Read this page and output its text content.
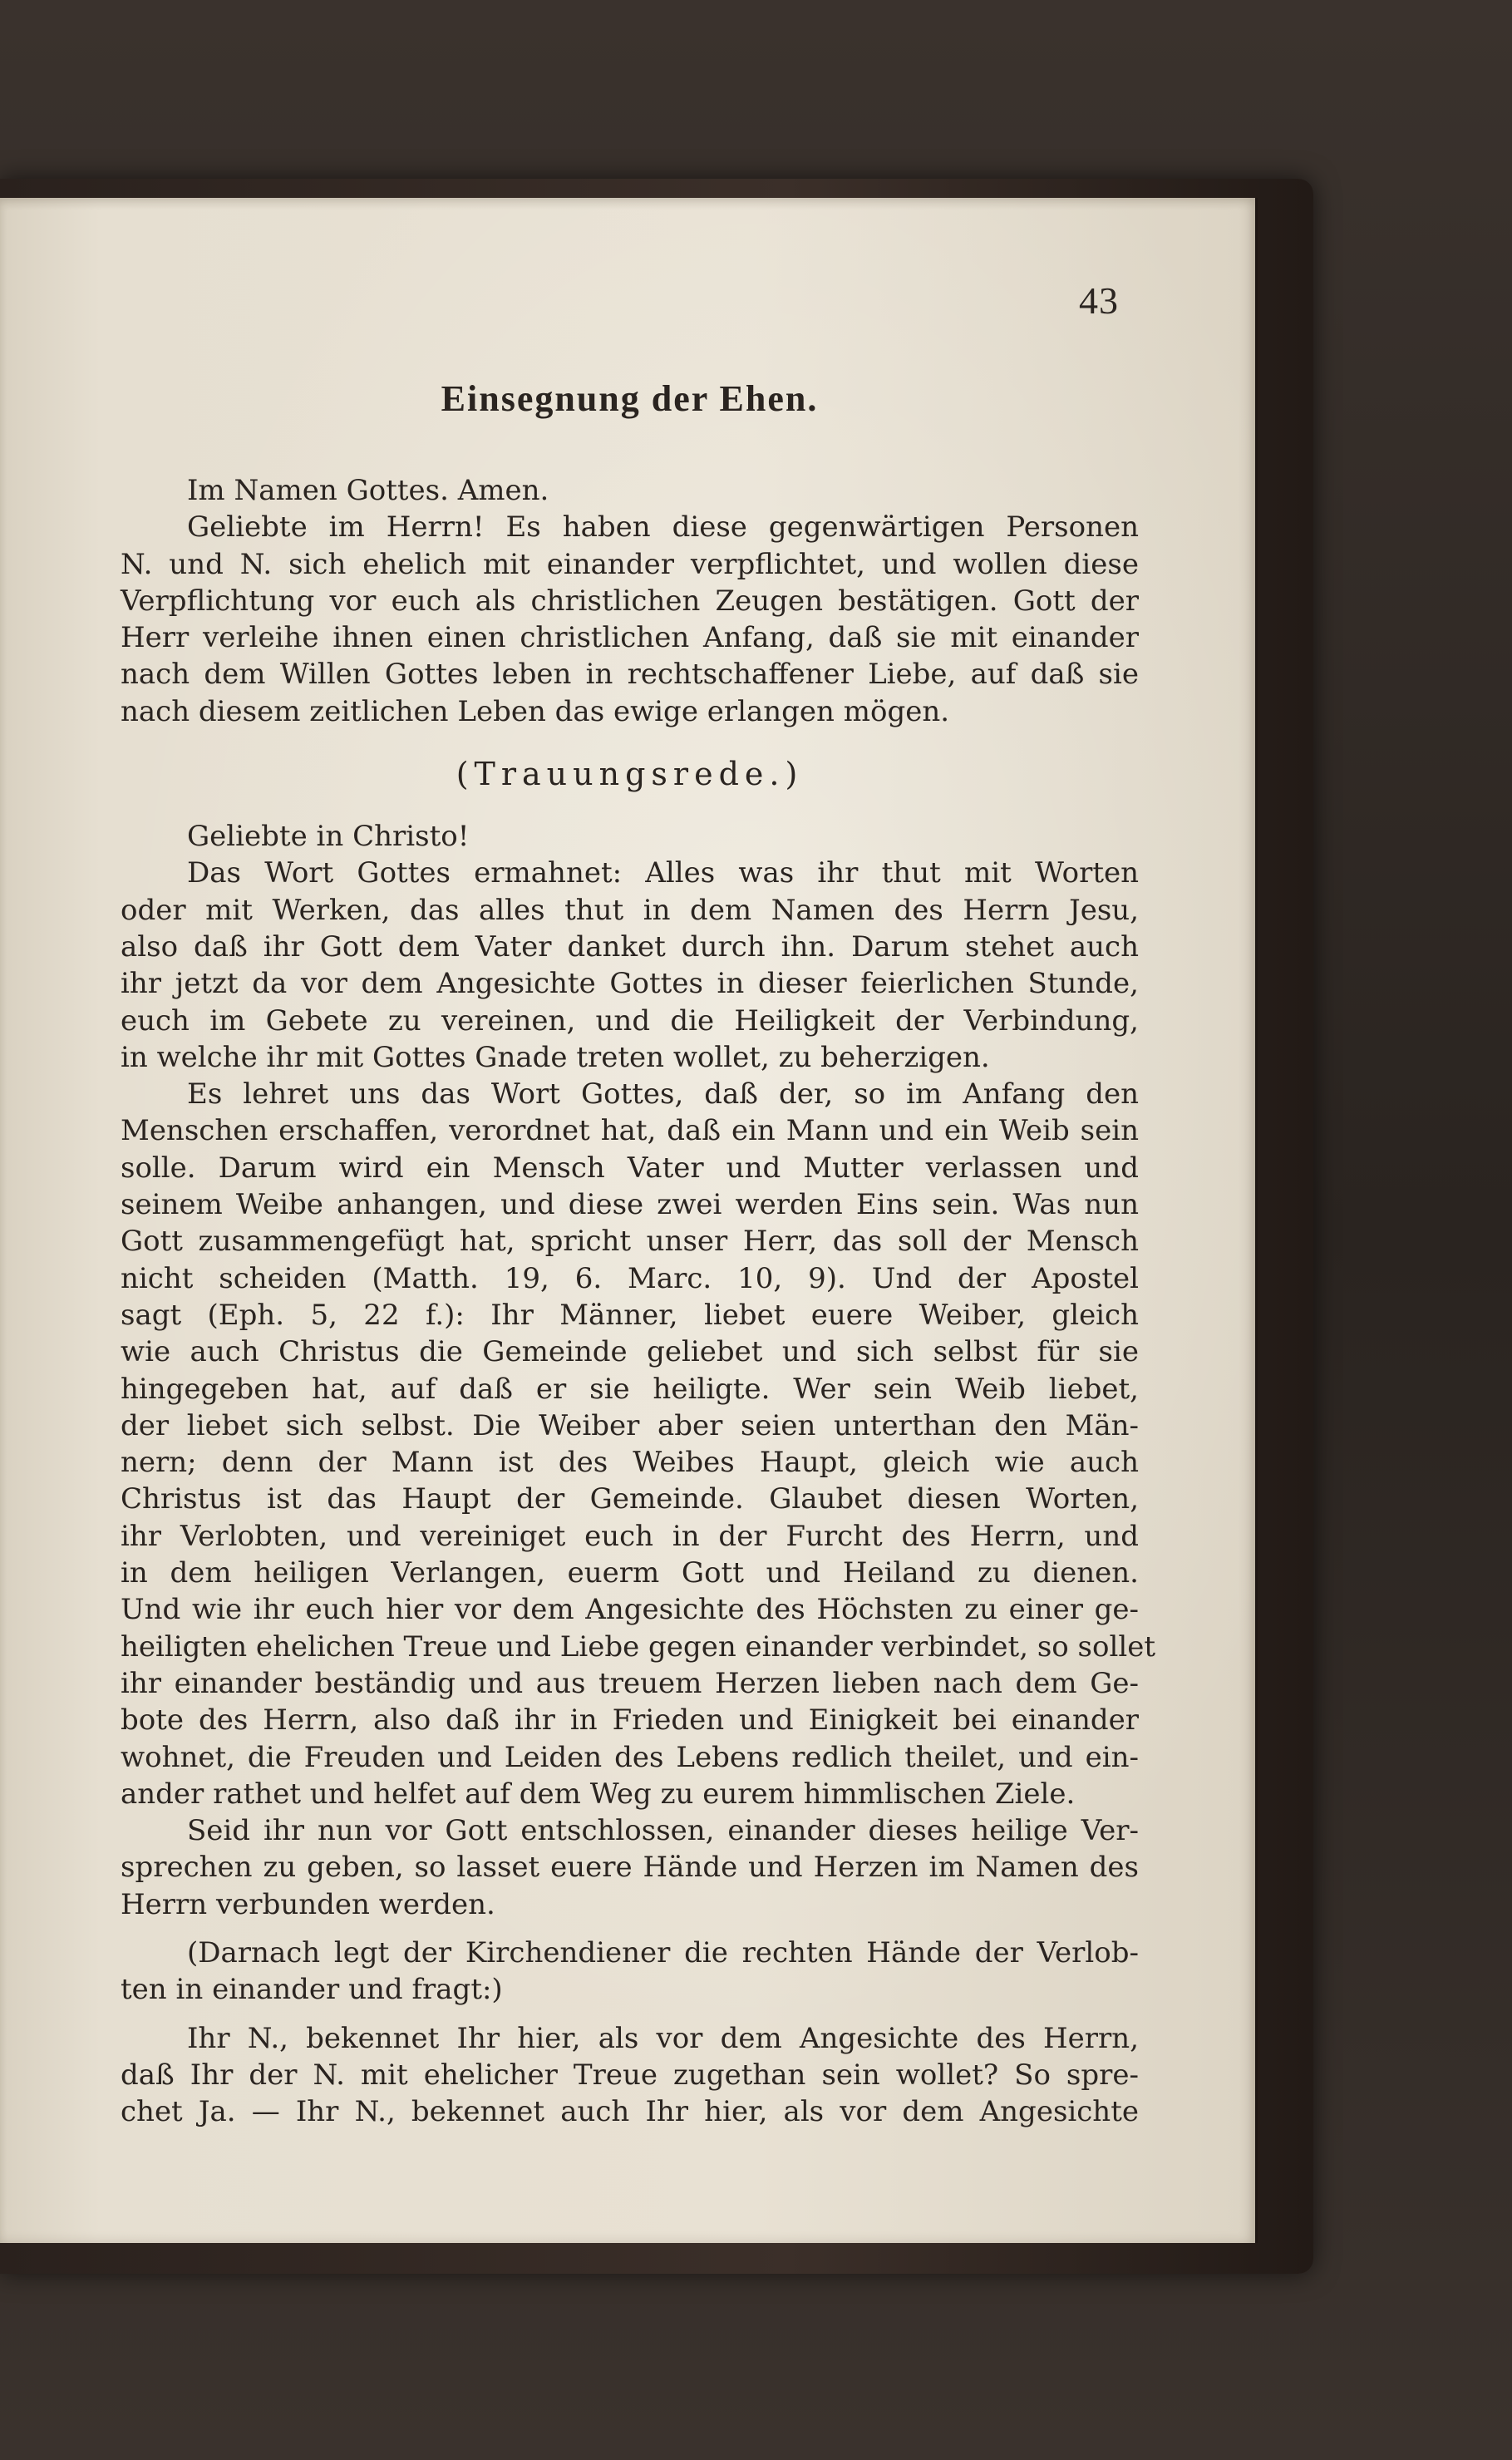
43
Einsegnung der Ehen.
Im Namen Gottes. Amen.
Geliebte im Herrn! Es haben diese gegenwärtigen Personen
N. und N. sich ehelich mit einander verpflichtet, und wollen diese
Verpflichtung vor euch als christlichen Zeugen bestätigen. Gott der
Herr verleihe ihnen einen christlichen Anfang, daß sie mit einander
nach dem Willen Gottes leben in rechtschaffener Liebe, auf daß sie
nach diesem zeitlichen Leben das ewige erlangen mögen.
(Trauungsrede.)
Geliebte in Christo!
Das Wort Gottes ermahnet: Alles was ihr thut mit Worten
oder mit Werken, das alles thut in dem Namen des Herrn Jesu,
also daß ihr Gott dem Vater danket durch ihn. Darum stehet auch
ihr jetzt da vor dem Angesichte Gottes in dieser feierlichen Stunde,
euch im Gebete zu vereinen, und die Heiligkeit der Verbindung,
in welche ihr mit Gottes Gnade treten wollet, zu beherzigen.
Es lehret uns das Wort Gottes, daß der, so im Anfang den
Menschen erschaffen, verordnet hat, daß ein Mann und ein Weib sein
solle. Darum wird ein Mensch Vater und Mutter verlassen und
seinem Weibe anhangen, und diese zwei werden Eins sein. Was nun
Gott zusammengefügt hat, spricht unser Herr, das soll der Mensch
nicht scheiden (Matth. 19, 6. Marc. 10, 9). Und der Apostel
sagt (Eph. 5, 22 f.): Ihr Männer, liebet euere Weiber, gleich
wie auch Christus die Gemeinde geliebet und sich selbst für sie
hingegeben hat, auf daß er sie heiligte. Wer sein Weib liebet,
der liebet sich selbst. Die Weiber aber seien unterthan den Män-
nern; denn der Mann ist des Weibes Haupt, gleich wie auch
Christus ist das Haupt der Gemeinde. Glaubet diesen Worten,
ihr Verlobten, und vereiniget euch in der Furcht des Herrn, und
in dem heiligen Verlangen, euerm Gott und Heiland zu dienen.
Und wie ihr euch hier vor dem Angesichte des Höchsten zu einer ge-
heiligten ehelichen Treue und Liebe gegen einander verbindet, so sollet
ihr einander beständig und aus treuem Herzen lieben nach dem Ge-
bote des Herrn, also daß ihr in Frieden und Einigkeit bei einander
wohnet, die Freuden und Leiden des Lebens redlich theilet, und ein-
ander rathet und helfet auf dem Weg zu eurem himmlischen Ziele.
Seid ihr nun vor Gott entschlossen, einander dieses heilige Ver-
sprechen zu geben, so lasset euere Hände und Herzen im Namen des
Herrn verbunden werden.
(Darnach legt der Kirchendiener die rechten Hände der Verlob-
ten in einander und fragt:)
Ihr N., bekennet Ihr hier, als vor dem Angesichte des Herrn,
daß Ihr der N. mit ehelicher Treue zugethan sein wollet? So spre-
chet Ja. — Ihr N., bekennet auch Ihr hier, als vor dem Angesichte
